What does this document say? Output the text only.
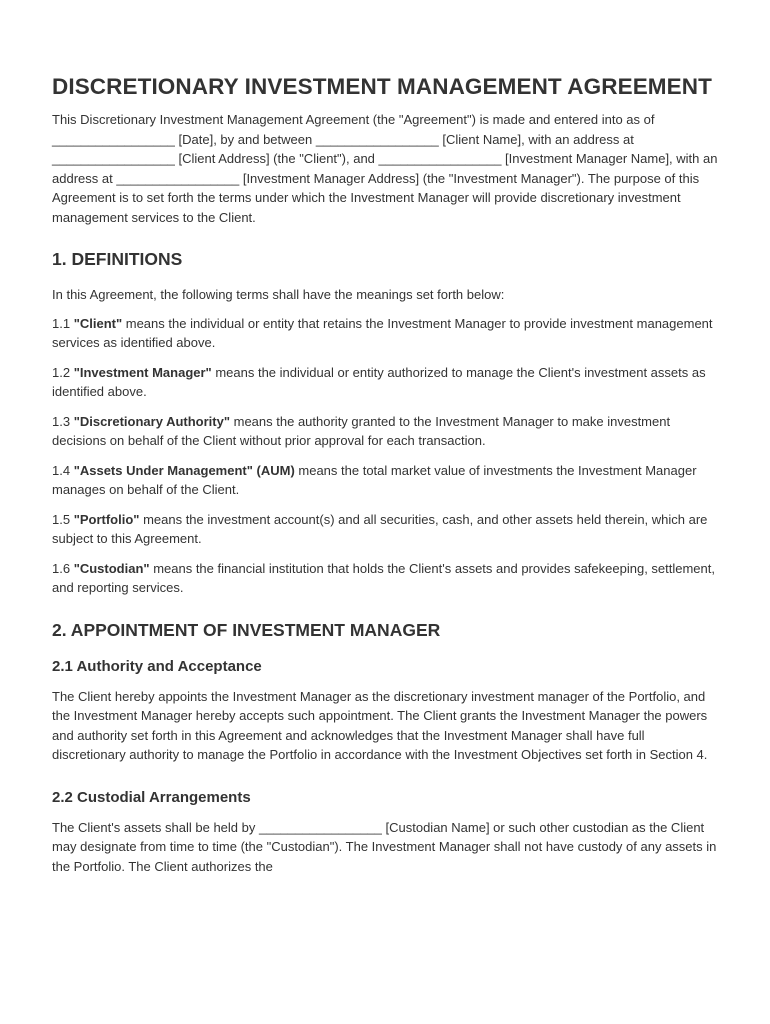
DISCRETIONARY INVESTMENT MANAGEMENT AGREEMENT

This Discretionary Investment Management Agreement (the "Agreement") is made and entered into as of _________________ [Date], by and between _________________ [Client Name], with an address at _________________ [Client Address] (the "Client"), and _________________ [Investment Manager Name], with an address at _________________ [Investment Manager Address] (the "Investment Manager"). The purpose of this Agreement is to set forth the terms under which the Investment Manager will provide discretionary investment management services to the Client.

1. DEFINITIONS

In this Agreement, the following terms shall have the meanings set forth below:

1.1 "Client" means the individual or entity that retains the Investment Manager to provide investment management services as identified above.

1.2 "Investment Manager" means the individual or entity authorized to manage the Client's investment assets as identified above.

1.3 "Discretionary Authority" means the authority granted to the Investment Manager to make investment decisions on behalf of the Client without prior approval for each transaction.

1.4 "Assets Under Management" (AUM) means the total market value of investments the Investment Manager manages on behalf of the Client.

1.5 "Portfolio" means the investment account(s) and all securities, cash, and other assets held therein, which are subject to this Agreement.

1.6 "Custodian" means the financial institution that holds the Client's assets and provides safekeeping, settlement, and reporting services.

2. APPOINTMENT OF INVESTMENT MANAGER
2.1 Authority and Acceptance

The Client hereby appoints the Investment Manager as the discretionary investment manager of the Portfolio, and the Investment Manager hereby accepts such appointment. The Client grants the Investment Manager the powers and authority set forth in this Agreement and acknowledges that the Investment Manager shall have full discretionary authority to manage the Portfolio in accordance with the Investment Objectives set forth in Section 4.

2.2 Custodial Arrangements

The Client's assets shall be held by _________________ [Custodian Name] or such other custodian as the Client may designate from time to time (the "Custodian"). The Investment Manager shall not have custody of any assets in the Portfolio. The Client authorizes the
